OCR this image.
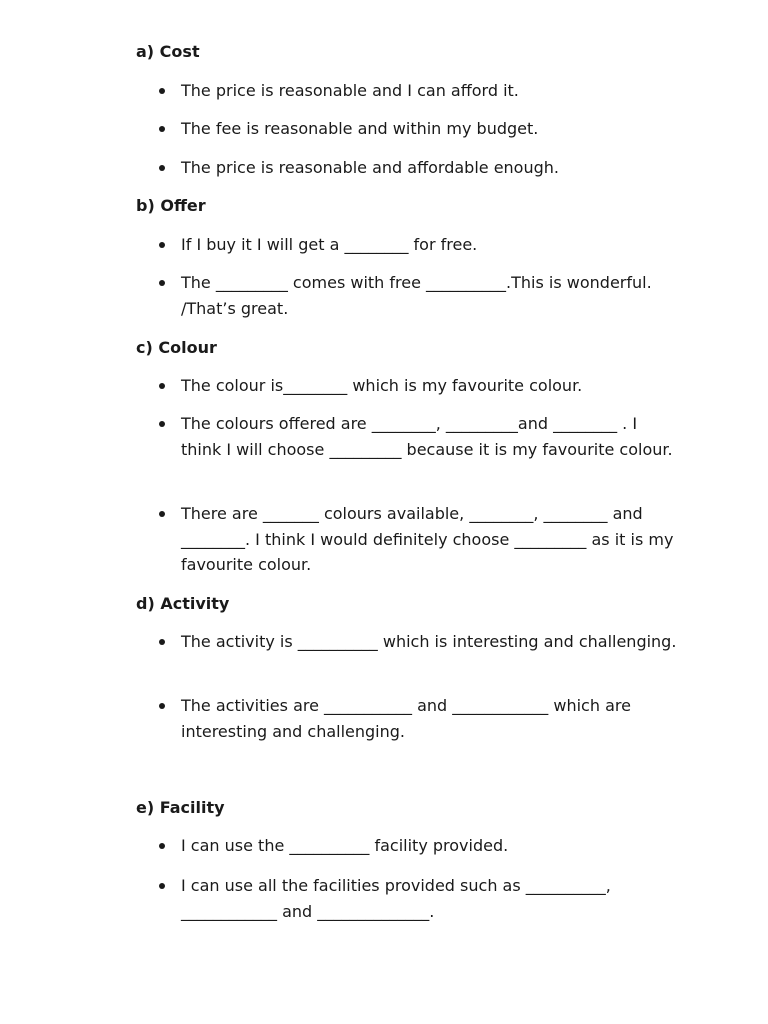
a) Cost

The price is reasonable and I can afford it.

The fee is reasonable and within my budget.

The price is reasonable and affordable enough.

b) Offer

If I buy it I will get a ________ for free.

The _________ comes with free __________.This is wonderful. /That’s great.

c) Colour

The colour is________ which is my favourite colour.

The colours offered are ________, _________and ________ . I think I will choose _________ because it is my favourite colour.

There are _______ colours available, ________, ________ and ________. I think I would definitely choose _________ as it is my favourite colour.

d) Activity

The activity is __________ which is interesting and challenging.

The activities are ___________ and ____________ which are interesting and challenging.

e) Facility

I can use the __________ facility provided.

I can use all the facilities provided such as __________, ____________ and ______________.
